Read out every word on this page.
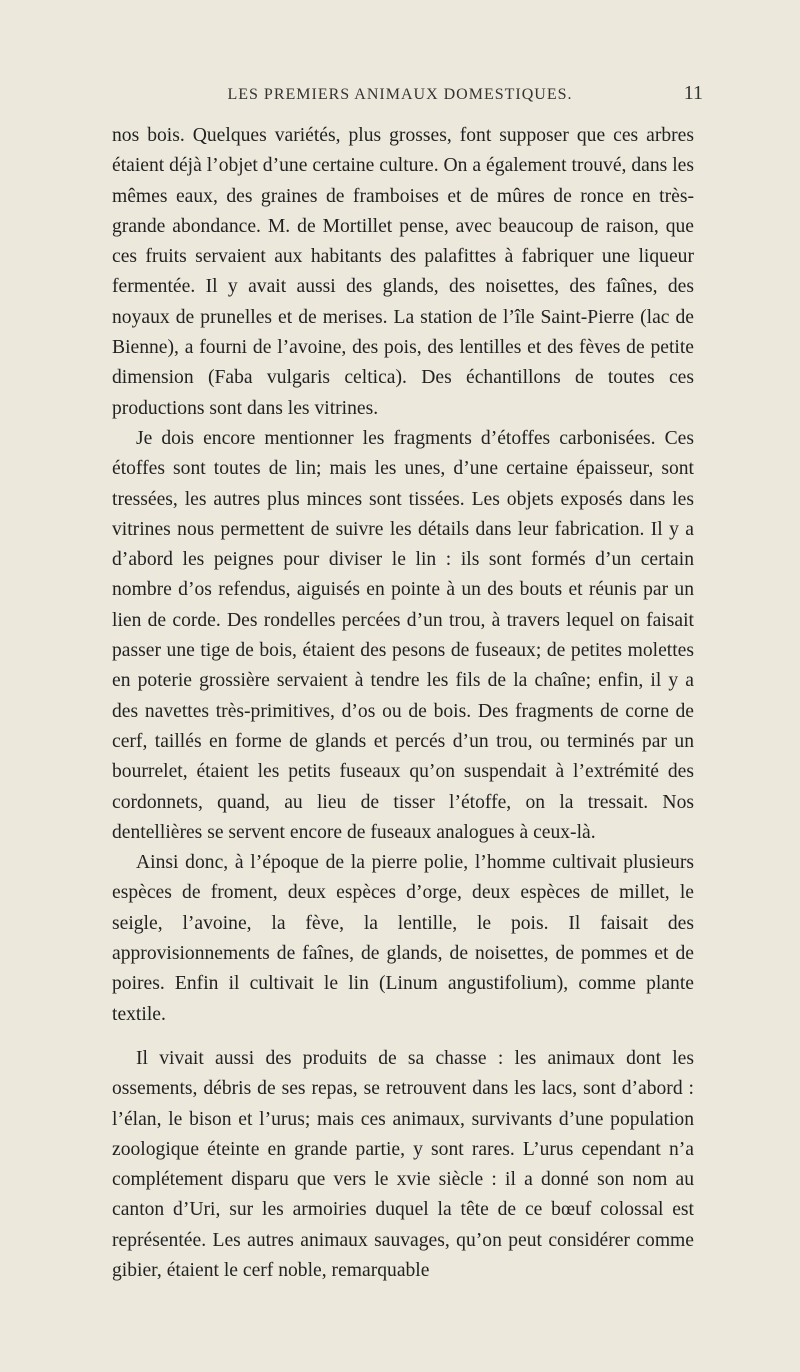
LES PREMIERS ANIMAUX DOMESTIQUES.	11

nos bois. Quelques variétés, plus grosses, font supposer que ces arbres étaient déjà l’objet d’une certaine culture. On a également trouvé, dans les mêmes eaux, des graines de framboises et de mûres de ronce en très-grande abondance. M. de Mortillet pense, avec beaucoup de raison, que ces fruits servaient aux habitants des palafittes à fabriquer une liqueur fermentée. Il y avait aussi des glands, des noisettes, des faînes, des noyaux de prunelles et de merises. La station de l’île Saint-Pierre (lac de Bienne), a fourni de l’avoine, des pois, des lentilles et des fèves de petite dimension (Faba vulgaris celtica). Des échantillons de toutes ces productions sont dans les vitrines.

Je dois encore mentionner les fragments d’étoffes carbonisées. Ces étoffes sont toutes de lin; mais les unes, d’une certaine épaisseur, sont tressées, les autres plus minces sont tissées. Les objets exposés dans les vitrines nous permettent de suivre les détails dans leur fabrication. Il y a d’abord les peignes pour diviser le lin : ils sont formés d’un certain nombre d’os refendus, aiguisés en pointe à un des bouts et réunis par un lien de corde. Des rondelles percées d’un trou, à travers lequel on faisait passer une tige de bois, étaient des pesons de fuseaux; de petites molettes en poterie grossière servaient à tendre les fils de la chaîne; enfin, il y a des navettes très-primitives, d’os ou de bois. Des fragments de corne de cerf, taillés en forme de glands et percés d’un trou, ou terminés par un bourrelet, étaient les petits fuseaux qu’on suspendait à l’extrémité des cordonnets, quand, au lieu de tisser l’étoffe, on la tressait. Nos dentellières se servent encore de fuseaux analogues à ceux-là.

Ainsi donc, à l’époque de la pierre polie, l’homme cultivait plusieurs espèces de froment, deux espèces d’orge, deux espèces de millet, le seigle, l’avoine, la fève, la lentille, le pois. Il faisait des approvisionnements de faînes, de glands, de noisettes, de pommes et de poires. Enfin il cultivait le lin (Linum angustifolium), comme plante textile.

Il vivait aussi des produits de sa chasse : les animaux dont les ossements, débris de ses repas, se retrouvent dans les lacs, sont d’abord : l’élan, le bison et l’urus; mais ces animaux, survivants d’une population zoologique éteinte en grande partie, y sont rares. L’urus cependant n’a complétement disparu que vers le xvie siècle : il a donné son nom au canton d’Uri, sur les armoiries duquel la tête de ce bœuf colossal est représentée. Les autres animaux sauvages, qu’on peut considérer comme gibier, étaient le cerf noble, remarquable
